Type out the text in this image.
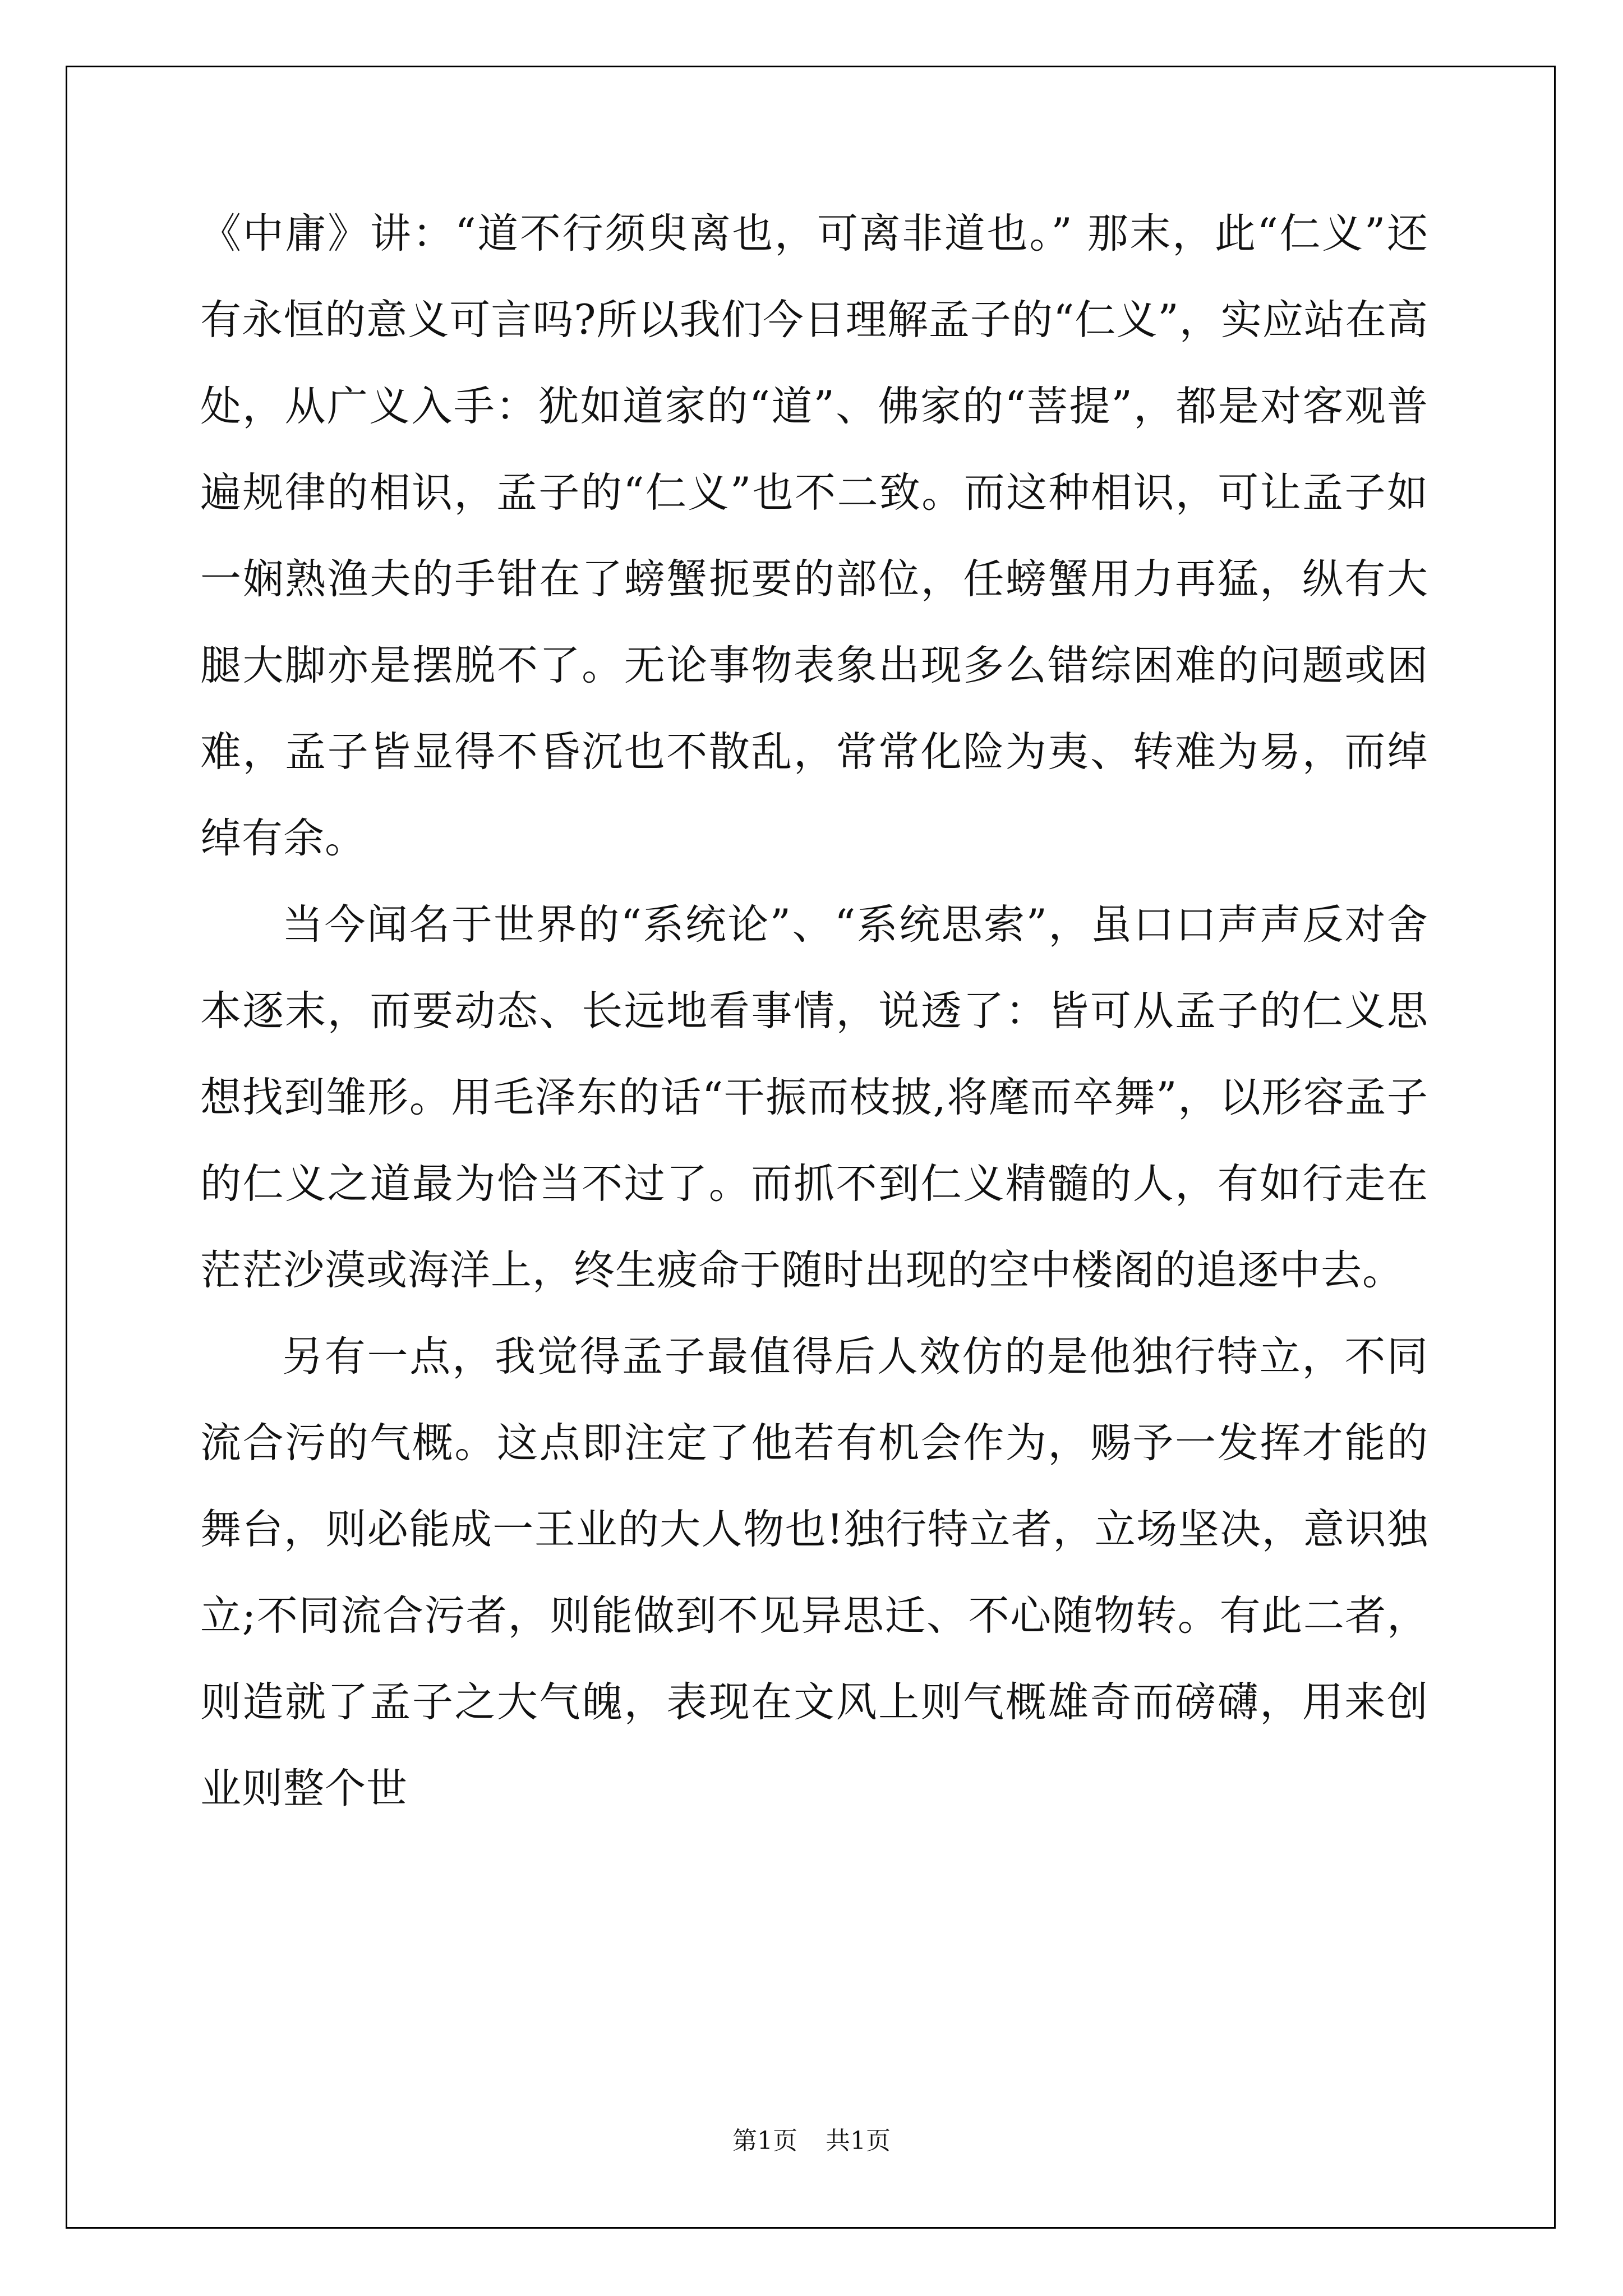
《中庸》讲：“道不行须臾离也，可离非道也。” 那末，此“仁义”还有永恒的意义可言吗?所以我们今日理解孟子的“仁义”，实应站在高处，从广义入手：犹如道家的“道”、佛家的“菩提”，都是对客观普遍规律的相识，孟子的“仁义”也不二致。而这种相识，可让孟子如一娴熟渔夫的手钳在了螃蟹扼要的部位，任螃蟹用力再猛，纵有大腿大脚亦是摆脱不了。无论事物表象出现多么错综困难的问题或困难，孟子皆显得不昏沉也不散乱，常常化险为夷、转难为易，而绰绰有余。

当今闻名于世界的“系统论”、“系统思索”，虽口口声声反对舍本逐末，而要动态、长远地看事情，说透了：皆可从孟子的仁义思想找到雏形。用毛泽东的话“干振而枝披,将麾而卒舞”，以形容孟子的仁义之道最为恰当不过了。而抓不到仁义精髓的人，有如行走在茫茫沙漠或海洋上，终生疲命于随时出现的空中楼阁的追逐中去。

另有一点，我觉得孟子最值得后人效仿的是他独行特立，不同流合污的气概。这点即注定了他若有机会作为，赐予一发挥才能的舞台，则必能成一王业的大人物也!独行特立者，立场坚决，意识独立;不同流合污者，则能做到不见异思迁、不心随物转。有此二者，则造就了孟子之大气魄，表现在文风上则气概雄奇而磅礴，用来创业则整个世

第1页 共1页
